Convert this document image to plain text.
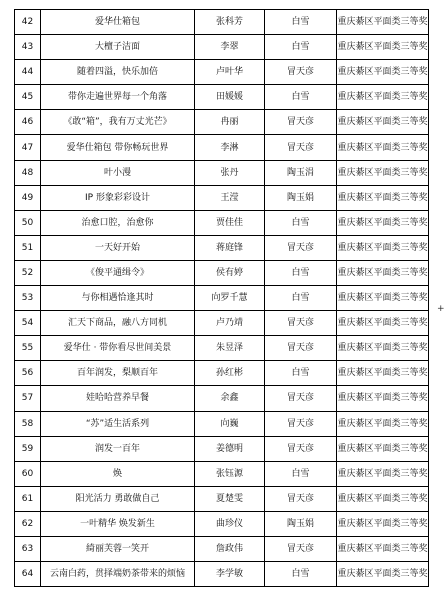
42	爱华仕箱包	张科芳	白雪	重庆綦区平面类三等奖
43	大檀子洁面	李翠	白雪	重庆綦区平面类三等奖
44	随着四溢，快乐加倍	卢叶华	冒天彦	重庆綦区平面类三等奖
45	带你走遍世界每一个角落	田媛媛	白雪	重庆綦区平面类三等奖
46	《敢“箱”，我有万丈光芒》	冉丽	冒天彦	重庆綦区平面类三等奖
47	爱华仕箱包 带你畅玩世界	李淋	冒天彦	重庆綦区平面类三等奖
48	叶小漫	张丹	陶玉涓	重庆綦区平面类三等奖
49	IP 形象彩彩设计	王滢	陶玉娟	重庆綦区平面类三等奖
50	治愈口腔，治愈你	贾佳佳	白雪	重庆綦区平面类三等奖
51	一天好开始	蒋庭锋	冒天彦	重庆綦区平面类三等奖
52	《俊平通缉令》	侯有婷	白雪	重庆綦区平面类三等奖
53	与你相遇恰逢其时	向罗千慧	白雪	重庆綦区平面类三等奖
54	汇天下商品，融八方同机	卢乃靖	冒天彦	重庆綦区平面类三等奖
55	爱华仕 · 带你看尽世间美景	朱昱泽	冒天彦	重庆綦区平面类三等奖
56	百年润发，梨顺百年	孙红彬	白雪	重庆綦区平面类三等奖
57	娃哈哈营养早餐	余鑫	冒天彦	重庆綦区平面类三等奖
58	“苏”适生活系列	向巍	冒天彦	重庆綦区平面类三等奖
59	润发一百年	姜德明	冒天彦	重庆綦区平面类三等奖
60	焕	张钰源	白雪	重庆綦区平面类三等奖
61	阳光活力 勇敢做自己	夏楚雯	冒天彦	重庆綦区平面类三等奖
62	一叶精华 焕发新生	曲珍仪	陶玉娟	重庆綦区平面类三等奖
63	綺丽芙蓉一笑开	詹政伟	冒天彦	重庆綦区平面类三等奖
64	云南白药，贯择端奶茶带来的烦恼	李学敏	白雪	重庆綦区平面类三等奖
+
